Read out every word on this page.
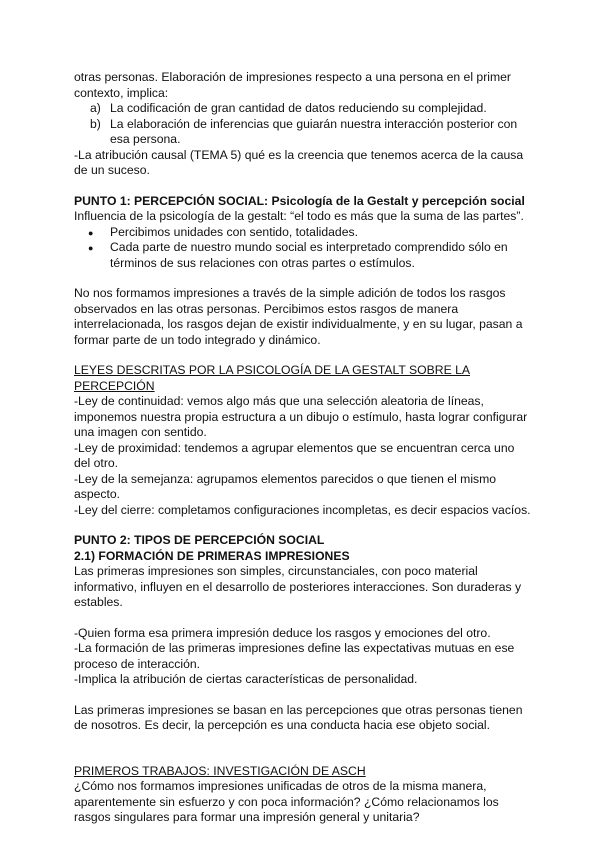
otras personas. Elaboración de impresiones respecto a una persona en el primer contexto, implica:

a) La codificación de gran cantidad de datos reduciendo su complejidad.
b) La elaboración de inferencias que guiarán nuestra interacción posterior con esa persona.

-La atribución causal (TEMA 5) qué es la creencia que tenemos acerca de la causa de un suceso.

PUNTO 1: PERCEPCIÓN SOCIAL: Psicología de la Gestalt y percepción social

Influencia de la psicología de la gestalt: “el todo es más que la suma de las partes”.

● Percibimos unidades con sentido, totalidades.
● Cada parte de nuestro mundo social es interpretado comprendido sólo en términos de sus relaciones con otras partes o estímulos.

No nos formamos impresiones a través de la simple adición de todos los rasgos observados en las otras personas. Percibimos estos rasgos de manera interrelacionada, los rasgos dejan de existir individualmente, y en su lugar, pasan a formar parte de un todo integrado y dinámico.

LEYES DESCRITAS POR LA PSICOLOGÍA DE LA GESTALT SOBRE LA PERCEPCIÓN

-Ley de continuidad: vemos algo más que una selección aleatoria de líneas, imponemos nuestra propia estructura a un dibujo o estímulo, hasta lograr configurar una imagen con sentido.

-Ley de proximidad: tendemos a agrupar elementos que se encuentran cerca uno del otro.

-Ley de la semejanza: agrupamos elementos parecidos o que tienen el mismo aspecto.

-Ley del cierre: completamos configuraciones incompletas, es decir espacios vacíos.

PUNTO 2: TIPOS DE PERCEPCIÓN SOCIAL

2.1) FORMACIÓN DE PRIMERAS IMPRESIONES

Las primeras impresiones son simples, circunstanciales, con poco material informativo, influyen en el desarrollo de posteriores interacciones. Son duraderas y estables.

-Quien forma esa primera impresión deduce los rasgos y emociones del otro.

-La formación de las primeras impresiones define las expectativas mutuas en ese proceso de interacción.

-Implica la atribución de ciertas características de personalidad.

Las primeras impresiones se basan en las percepciones que otras personas tienen de nosotros. Es decir, la percepción es una conducta hacia ese objeto social.

PRIMEROS TRABAJOS: INVESTIGACIÓN DE ASCH

¿Cómo nos formamos impresiones unificadas de otros de la misma manera, aparentemente sin esfuerzo y con poca información? ¿Cómo relacionamos los rasgos singulares para formar una impresión general y unitaria?
